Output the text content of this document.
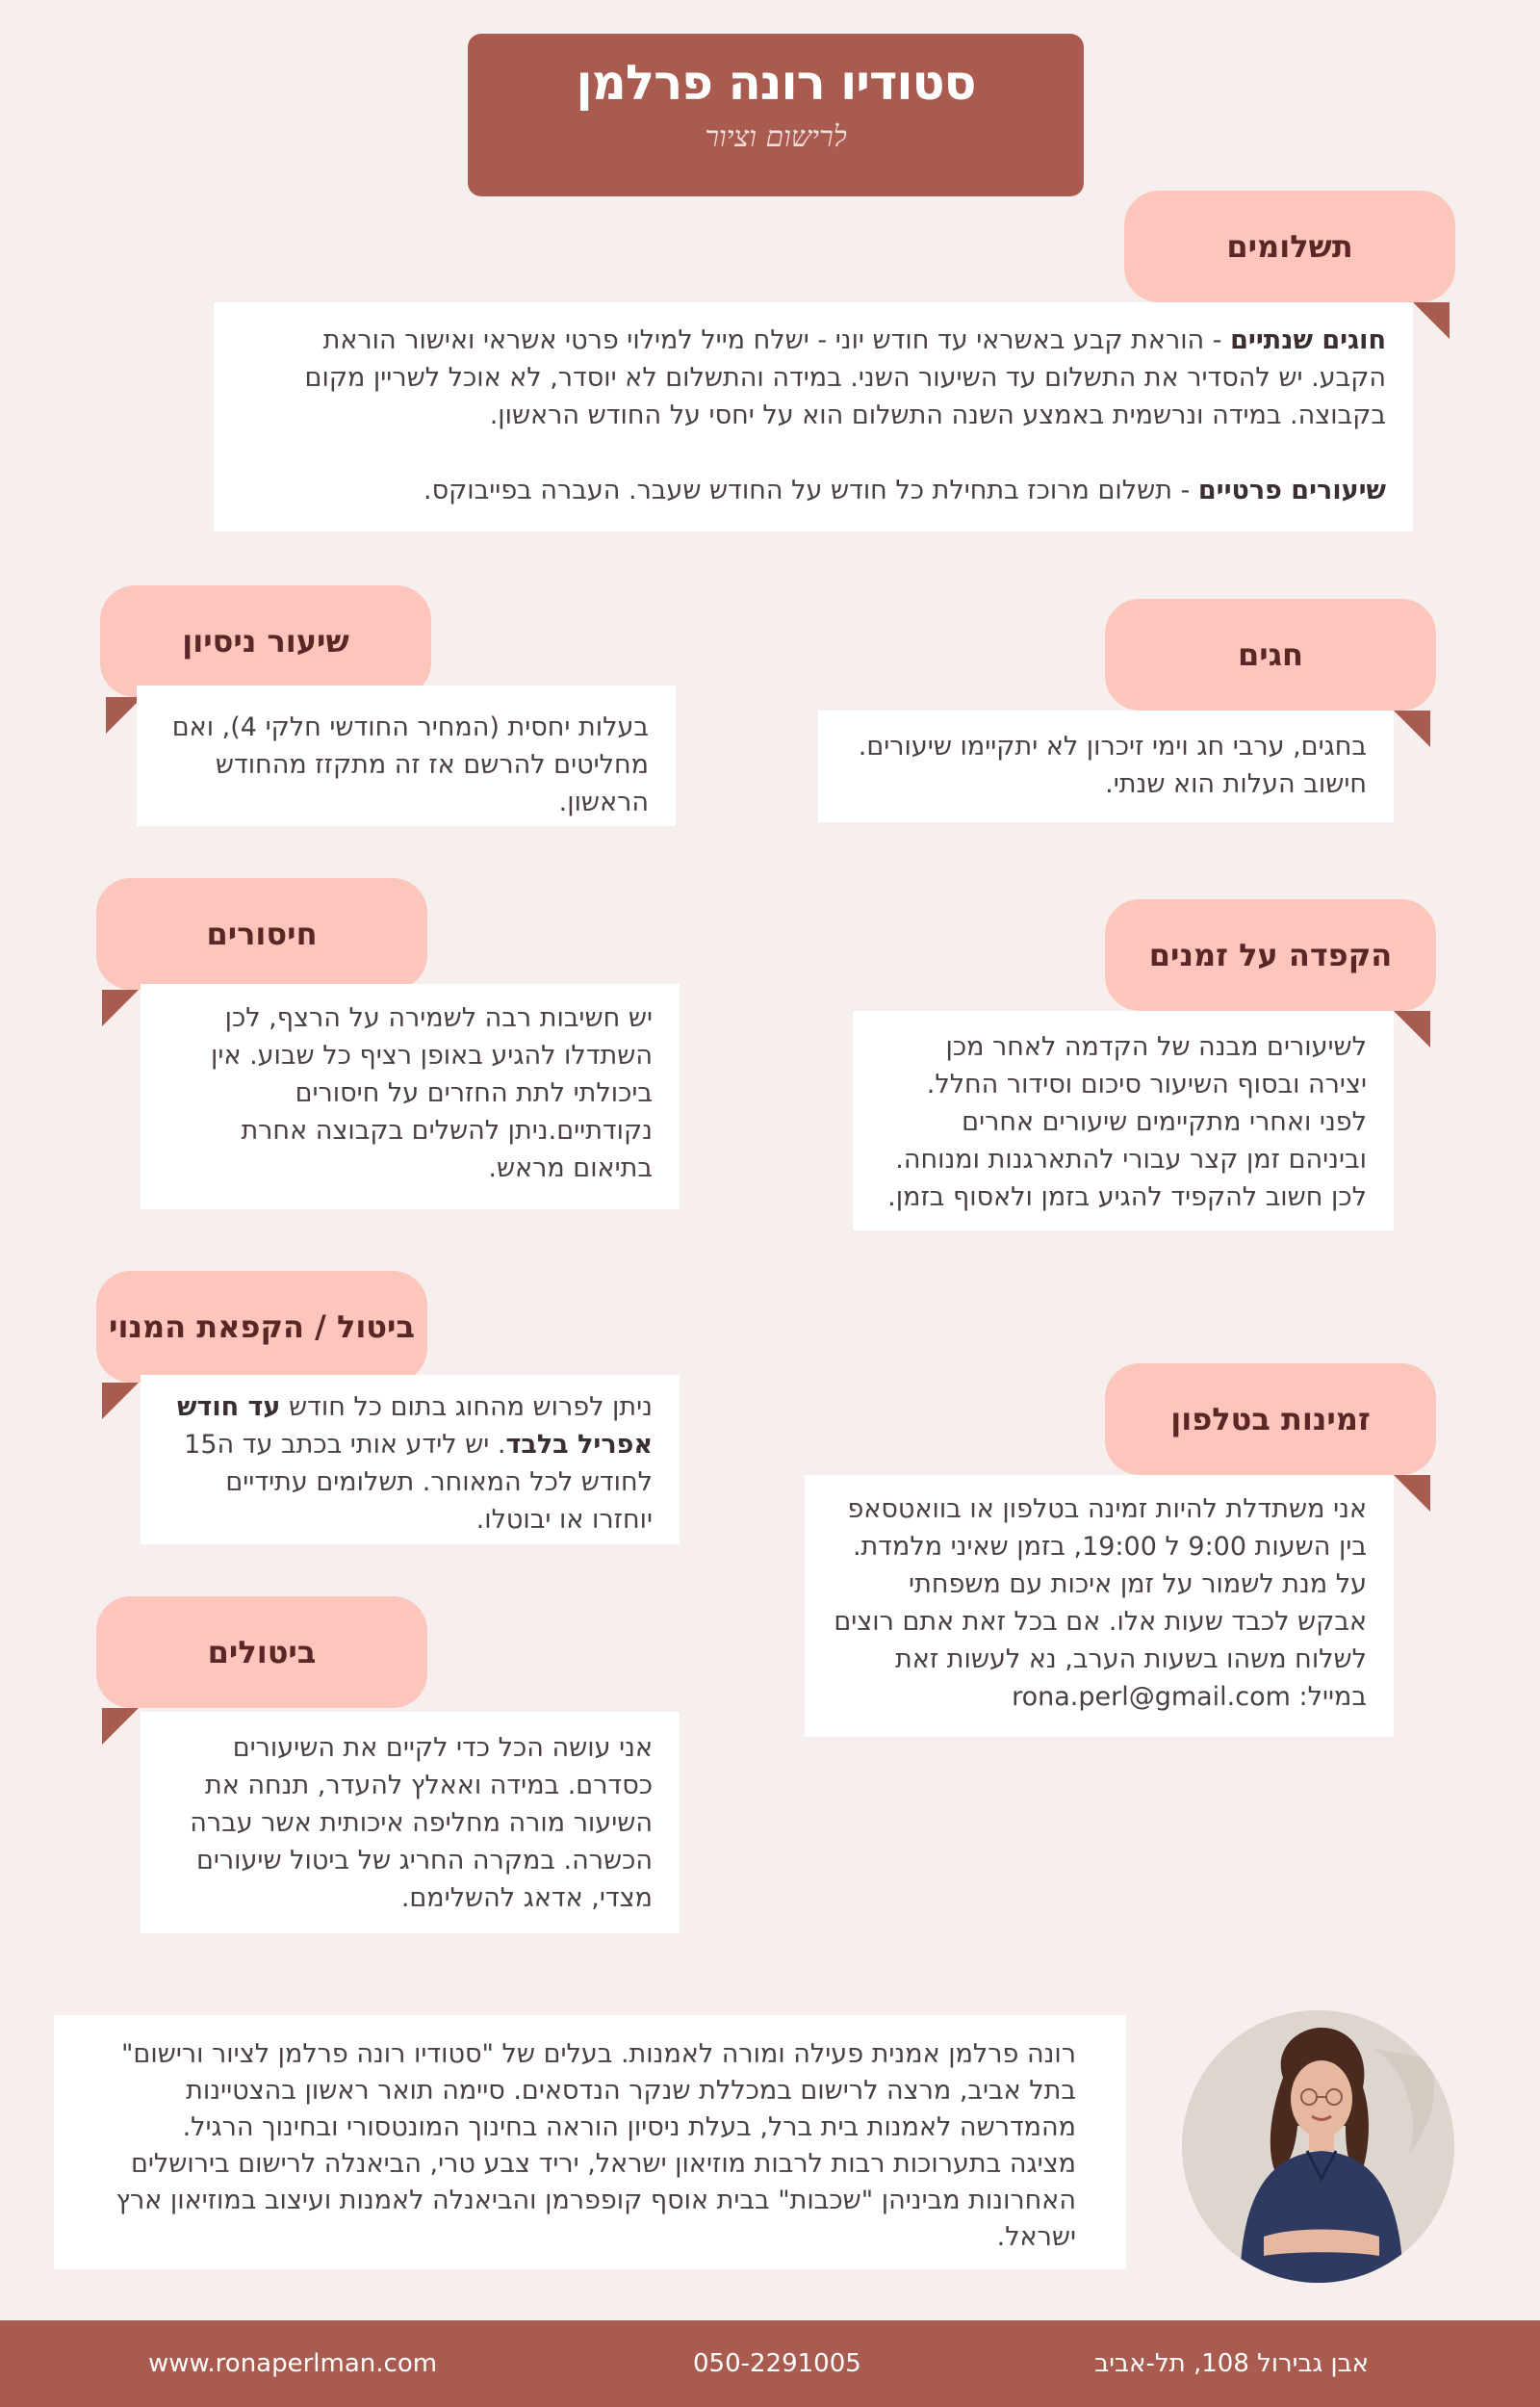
סטודיו רונה פרלמן
לרישום וציור
תשלומים

חוגים שנתיים - הוראת קבע באשראי עד חודש יוני - ישלח מייל למילוי פרטי אשראי ואישור הוראת הקבע. יש להסדיר את התשלום עד השיעור השני. במידה והתשלום לא יוסדר, לא אוכל לשריין מקום בקבוצה. במידה ונרשמית באמצע השנה התשלום הוא על יחסי על החודש הראשון.

שיעורים פרטיים - תשלום מרוכז בתחילת כל חודש על החודש שעבר. העברה בפייבוקס.

חגים
בחגים, ערבי חג וימי זיכרון לא יתקיימו שיעורים. חישוב העלות הוא שנתי.
שיעור ניסיון
בעלות יחסית (המחיר החודשי חלקי 4), ואם מחליטים להרשם אז זה מתקזז מהחודש הראשון.
הקפדה על זמנים
לשיעורים מבנה של הקדמה לאחר מכן יצירה ובסוף השיעור סיכום וסידור החלל. לפני ואחרי מתקיימים שיעורים אחרים וביניהם זמן קצר עבורי להתארגנות ומנוחה. לכן חשוב להקפיד להגיע בזמן ולאסוף בזמן.
חיסורים
יש חשיבות רבה לשמירה על הרצף, לכן השתדלו להגיע באופן רציף כל שבוע. אין ביכולתי לתת החזרים על חיסורים נקודתיים.ניתן להשלים בקבוצה אחרת בתיאום מראש.
ביטול / הקפאת המנוי
ניתן לפרוש מהחוג בתום כל חודש עד חודש אפריל בלבד. יש לידע אותי בכתב עד ה15 לחודש לכל המאוחר. תשלומים עתידיים יוחזרו או יבוטלו.
זמינות בטלפון
אני משתדלת להיות זמינה בטלפון או בוואטסאפ בין השעות 9:00 ל 19:00, בזמן שאיני מלמדת. על מנת לשמור על זמן איכות עם משפחתי אבקש לכבד שעות אלו. אם בכל זאת אתם רוצים לשלוח משהו בשעות הערב, נא לעשות זאת במייל: rona.perl@gmail.com
ביטולים
אני עושה הכל כדי לקיים את השיעורים כסדרם. במידה ואאלץ להעדר, תנחה את השיעור מורה מחליפה איכותית אשר עברה הכשרה. במקרה החריג של ביטול שיעורים מצדי, אדאג להשלימם.
רונה פרלמן אמנית פעילה ומורה לאמנות. בעלים של "סטודיו רונה פרלמן לציור ורישום" בתל אביב, מרצה לרישום במכללת שנקר הנדסאים. סיימה תואר ראשון בהצטיינות מהמדרשה לאמנות בית ברל, בעלת ניסיון הוראה בחינוך המונטסורי ובחינוך הרגיל. מציגה בתערוכות רבות לרבות מוזיאון ישראל, יריד צבע טרי, הביאנלה לרישום בירושלים האחרונות מביניהן "שכבות" בבית אוסף קופפרמן והביאנלה לאמנות ועיצוב במוזיאון ארץ ישראל.
אבן גבירול 108, תל-אביב
050-2291005
www.ronaperlman.com
